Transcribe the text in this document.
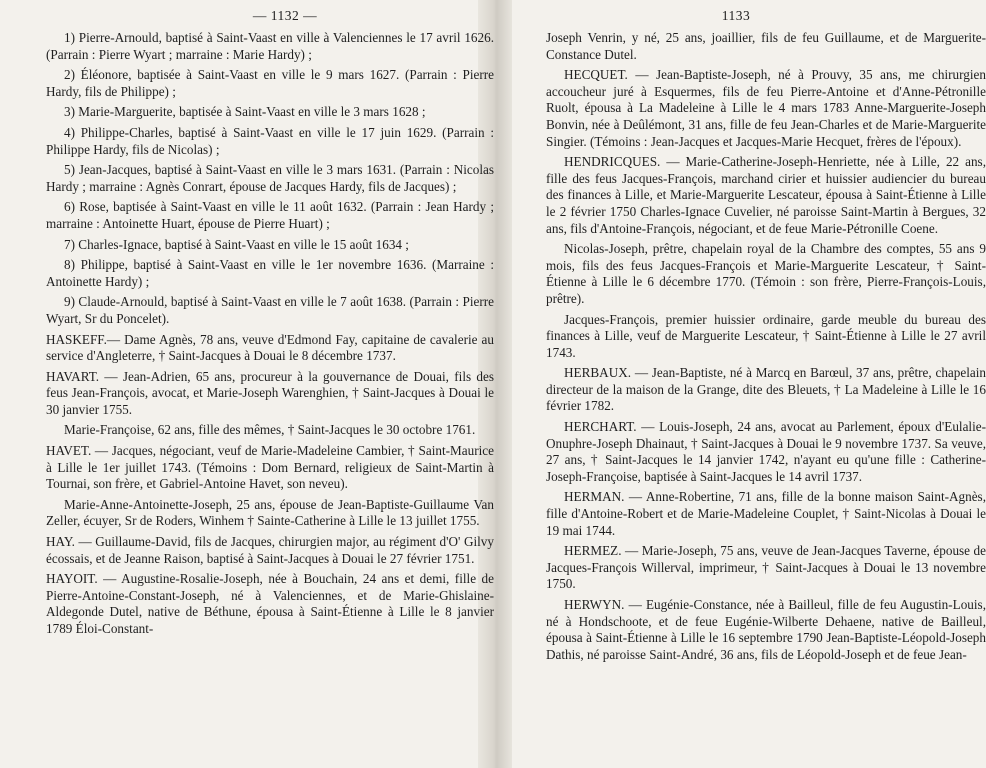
— 1132 —

1) Pierre-Arnould, baptisé à Saint-Vaast en ville à Valenciennes le 17 avril 1626. (Parrain : Pierre Wyart ; marraine : Marie Hardy) ;

2) Éléonore, baptisée à Saint-Vaast en ville le 9 mars 1627. (Parrain : Pierre Hardy, fils de Philippe) ;

3) Marie-Marguerite, baptisée à Saint-Vaast en ville le 3 mars 1628 ;

4) Philippe-Charles, baptisé à Saint-Vaast en ville le 17 juin 1629. (Parrain : Philippe Hardy, fils de Nicolas) ;

5) Jean-Jacques, baptisé à Saint-Vaast en ville le 3 mars 1631. (Parrain : Nicolas Hardy ; marraine : Agnès Conrart, épouse de Jacques Hardy, fils de Jacques) ;

6) Rose, baptisée à Saint-Vaast en ville le 11 août 1632. (Parrain : Jean Hardy ; marraine : Antoinette Huart, épouse de Pierre Huart) ;

7) Charles-Ignace, baptisé à Saint-Vaast en ville le 15 août 1634 ;

8) Philippe, baptisé à Saint-Vaast en ville le 1er novembre 1636. (Marraine : Antoinette Hardy) ;

9) Claude-Arnould, baptisé à Saint-Vaast en ville le 7 août 1638. (Parrain : Pierre Wyart, Sr du Poncelet).

HASKEFF.— Dame Agnès, 78 ans, veuve d'Edmond Fay, capitaine de cavalerie au service d'Angleterre, † Saint-Jacques à Douai le 8 décembre 1737.

HAVART. — Jean-Adrien, 65 ans, procureur à la gouvernance de Douai, fils des feus Jean-François, avocat, et Marie-Joseph Warenghien, † Saint-Jacques à Douai le 30 janvier 1755.

Marie-Françoise, 62 ans, fille des mêmes, † Saint-Jacques le 30 octobre 1761.

HAVET. — Jacques, négociant, veuf de Marie-Madeleine Cambier, † Saint-Maurice à Lille le 1er juillet 1743. (Témoins : Dom Bernard, religieux de Saint-Martin à Tournai, son frère, et Gabriel-Antoine Havet, son neveu).

Marie-Anne-Antoinette-Joseph, 25 ans, épouse de Jean-Baptiste-Guillaume Van Zeller, écuyer, Sr de Roders, Winhem † Sainte-Catherine à Lille le 13 juillet 1755.

HAY. — Guillaume-David, fils de Jacques, chirurgien major, au régiment d'O' Gilvy écossais, et de Jeanne Raison, baptisé à Saint-Jacques à Douai le 27 février 1751.

HAYOIT. — Augustine-Rosalie-Joseph, née à Bouchain, 24 ans et demi, fille de Pierre-Antoine-Constant-Joseph, né à Valenciennes, et de Marie-Ghislaine-Aldegonde Dutel, native de Béthune, épousa à Saint-Étienne à Lille le 8 janvier 1789 Éloi-Constant-

1133

Joseph Venrin, y né, 25 ans, joaillier, fils de feu Guillaume, et de Marguerite-Constance Dutel.

HECQUET. — Jean-Baptiste-Joseph, né à Prouvy, 35 ans, me chirurgien accoucheur juré à Esquermes, fils de feu Pierre-Antoine et d'Anne-Pétronille Ruolt, épousa à La Madeleine à Lille le 4 mars 1783 Anne-Marguerite-Joseph Bonvin, née à Deûlémont, 31 ans, fille de feu Jean-Charles et de Marie-Marguerite Singier. (Témoins : Jean-Jacques et Jacques-Marie Hecquet, frères de l'époux).

HENDRICQUES. — Marie-Catherine-Joseph-Henriette, née à Lille, 22 ans, fille des feus Jacques-François, marchand cirier et huissier audiencier du bureau des finances à Lille, et Marie-Marguerite Lescateur, épousa à Saint-Étienne à Lille le 2 février 1750 Charles-Ignace Cuvelier, né paroisse Saint-Martin à Bergues, 32 ans, fils d'Antoine-François, négociant, et de feue Marie-Pétronille Coene.

Nicolas-Joseph, prêtre, chapelain royal de la Chambre des comptes, 55 ans 9 mois, fils des feus Jacques-François et Marie-Marguerite Lescateur, † Saint-Étienne à Lille le 6 décembre 1770. (Témoin : son frère, Pierre-François-Louis, prêtre).

Jacques-François, premier huissier ordinaire, garde meuble du bureau des finances à Lille, veuf de Marguerite Lescateur, † Saint-Étienne à Lille le 27 avril 1743.

HERBAUX. — Jean-Baptiste, né à Marcq en Barœul, 37 ans, prêtre, chapelain directeur de la maison de la Grange, dite des Bleuets, † La Madeleine à Lille le 16 février 1782.

HERCHART. — Louis-Joseph, 24 ans, avocat au Parlement, époux d'Eulalie-Onuphre-Joseph Dhainaut, † Saint-Jacques à Douai le 9 novembre 1737. Sa veuve, 27 ans, † Saint-Jacques le 14 janvier 1742, n'ayant eu qu'une fille : Catherine-Joseph-Françoise, baptisée à Saint-Jacques le 14 avril 1737.

HERMAN. — Anne-Robertine, 71 ans, fille de la bonne maison Saint-Agnès, fille d'Antoine-Robert et de Marie-Madeleine Couplet, † Saint-Nicolas à Douai le 19 mai 1744.

HERMEZ. — Marie-Joseph, 75 ans, veuve de Jean-Jacques Taverne, épouse de Jacques-François Willerval, imprimeur, † Saint-Jacques à Douai le 13 novembre 1750.

HERWYN. — Eugénie-Constance, née à Bailleul, fille de feu Augustin-Louis, né à Hondschoote, et de feue Eugénie-Wilberte Dehaene, native de Bailleul, épousa à Saint-Étienne à Lille le 16 septembre 1790 Jean-Baptiste-Léopold-Joseph Dathis, né paroisse Saint-André, 36 ans, fils de Léopold-Joseph et de feue Jean-
